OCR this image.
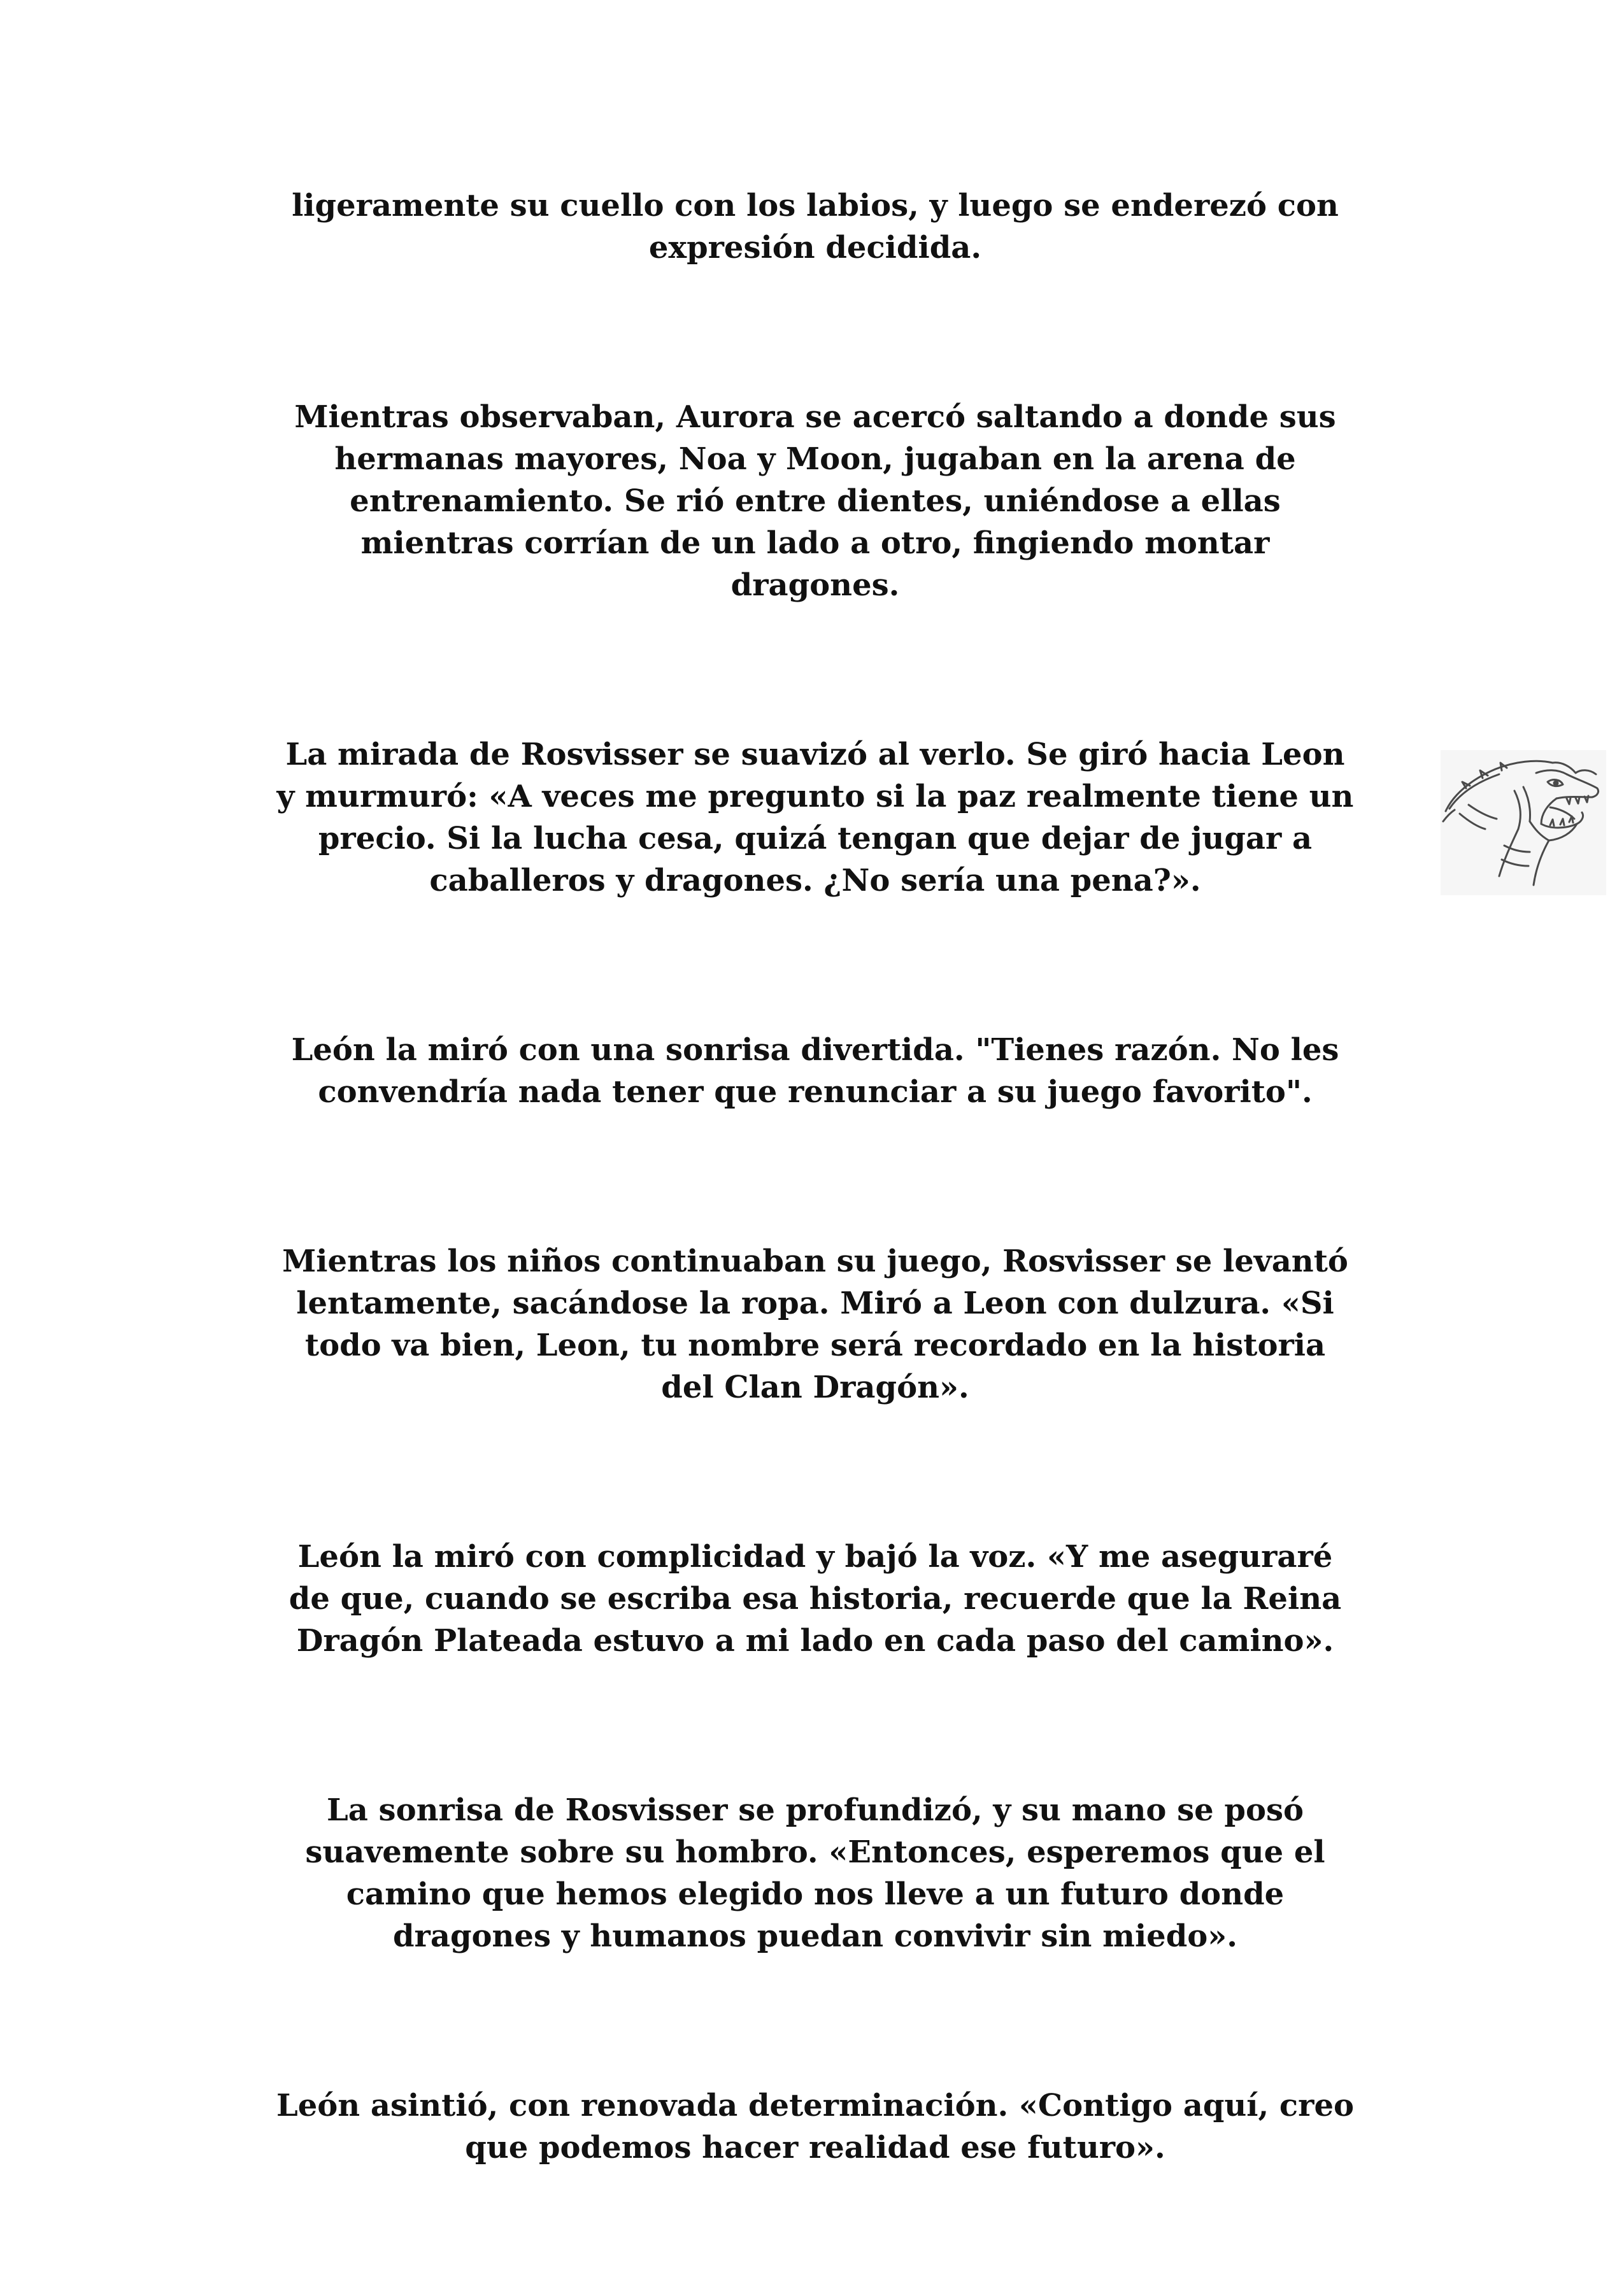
ligeramente su cuello con los labios, y luego se enderezó con
expresión decidida.

Mientras observaban, Aurora se acercó saltando a donde sus
hermanas mayores, Noa y Moon, jugaban en la arena de
entrenamiento. Se rió entre dientes, uniéndose a ellas
mientras corrían de un lado a otro, fingiendo montar
dragones.

La mirada de Rosvisser se suavizó al verlo. Se giró hacia Leon
y murmuró: «A veces me pregunto si la paz realmente tiene un
precio. Si la lucha cesa, quizá tengan que dejar de jugar a
caballeros y dragones. ¿No sería una pena?».

León la miró con una sonrisa divertida. "Tienes razón. No les
convendría nada tener que renunciar a su juego favorito".

Mientras los niños continuaban su juego, Rosvisser se levantó
lentamente, sacándose la ropa. Miró a Leon con dulzura. «Si
todo va bien, Leon, tu nombre será recordado en la historia
del Clan Dragón».

León la miró con complicidad y bajó la voz. «Y me aseguraré
de que, cuando se escriba esa historia, recuerde que la Reina
Dragón Plateada estuvo a mi lado en cada paso del camino».

La sonrisa de Rosvisser se profundizó, y su mano se posó
suavemente sobre su hombro. «Entonces, esperemos que el
camino que hemos elegido nos lleve a un futuro donde
dragones y humanos puedan convivir sin miedo».

León asintió, con renovada determinación. «Contigo aquí, creo
que podemos hacer realidad ese futuro».
